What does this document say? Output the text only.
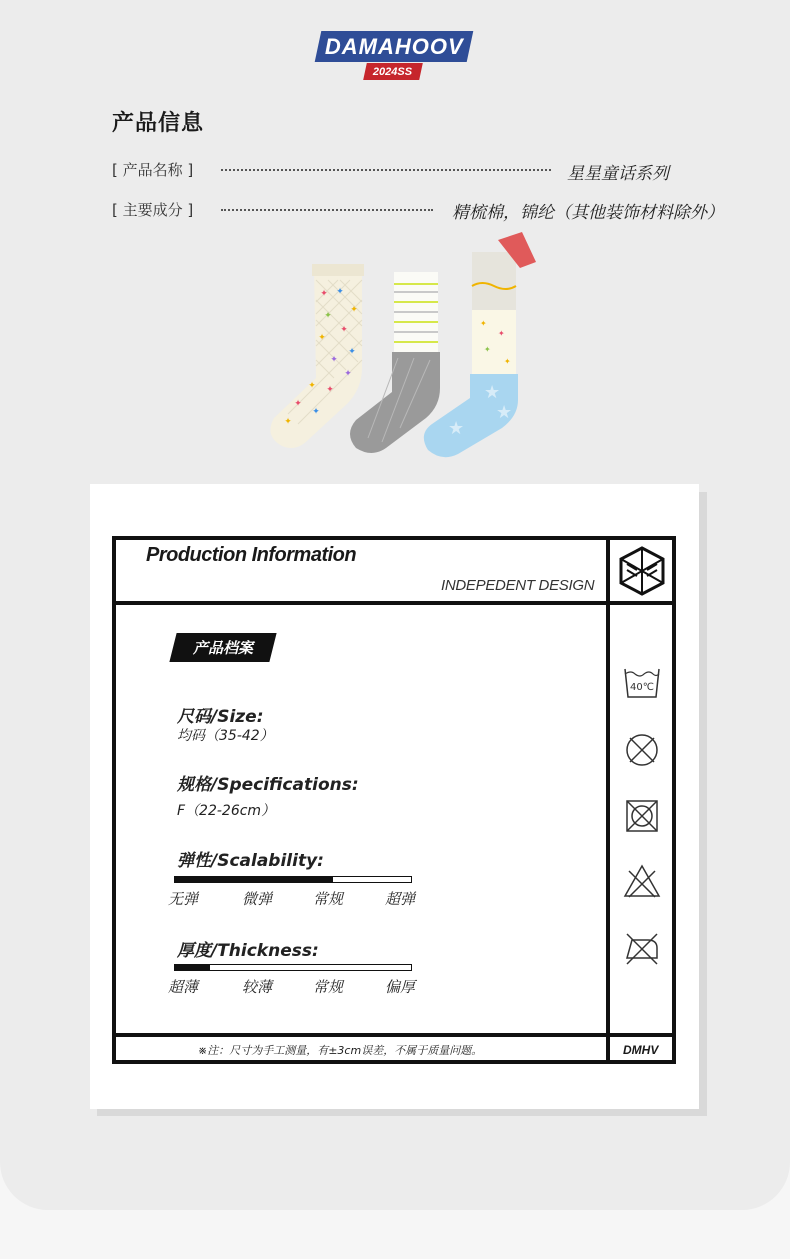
DAMAHOOV
2024SS
产品信息
[ 产品名称 ]	星星童话系列
[ 主要成分 ]	精梳棉，锦纶（其他装饰材料除外）
✦ ✦
✦
✦
✦
✦
✦
✦
✦
✦
✦
✦
✦
✦
✦
✦
✦
✦
★
★
★
Production Information
INDEPEDENT DESIGN
产品档案
尺码/Size:
均码（35-42）
规格/Specifications:
F（22-26cm）
弹性/Scalability:
无弹	微弹	常规	超弹
厚度/Thickness:
超薄	较薄	常规	偏厚
40℃
※注：尺寸为手工测量，有±3cm误差，不属于质量问题。	DMHV
